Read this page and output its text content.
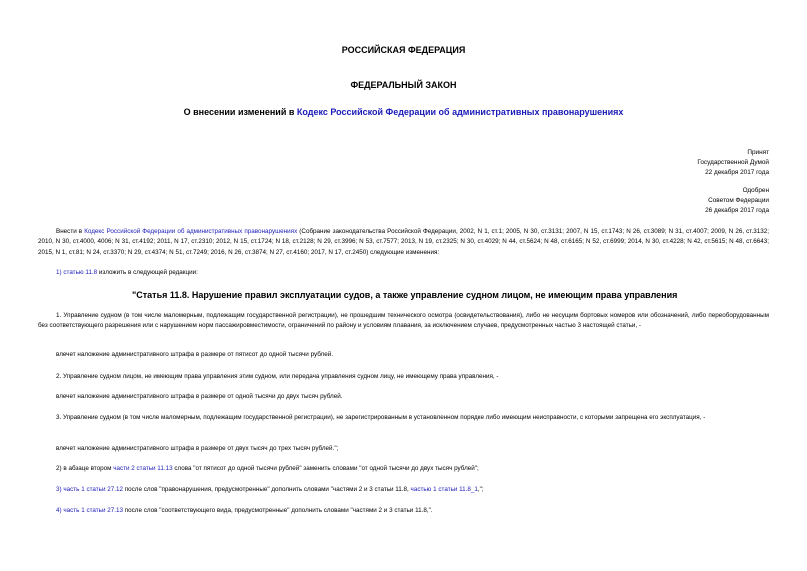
РОССИЙСКАЯ ФЕДЕРАЦИЯ
ФЕДЕРАЛЬНЫЙ ЗАКОН
О внесении изменений в Кодекс Российской Федерации об административных правонарушениях
Принят
Государственной Думой
22 декабря 2017 года
Одобрен
Советом Федерации
26 декабря 2017 года
Внести в Кодекс Российской Федерации об административных правонарушениях (Собрание законодательства Российской Федерации, 2002, N 1, ст.1; 2005, N 30, ст.3131; 2007, N 15, ст.1743; N 26, ст.3089; N 31, ст.4007; 2009, N 26, ст.3132; 2010, N 30, ст.4000, 4006; N 31, ст.4192; 2011, N 17, ст.2310; 2012, N 15, ст.1724; N 18, ст.2128; N 29, ст.3996; N 53, ст.7577; 2013, N 19, ст.2325; N 30, ст.4029; N 44, ст.5624; N 48, ст.6165; N 52, ст.6999; 2014, N 30, ст.4228; N 42, ст.5615; N 48, ст.6643; 2015, N 1, ст.81; N 24, ст.3370; N 29, ст.4374; N 51, ст.7249; 2016, N 26, ст.3874; N 27, ст.4160; 2017, N 17, ст.2450) следующие изменения:
1) статью 11.8 изложить в следующей редакции:
"Статья 11.8. Нарушение правил эксплуатации судов, а также управление судном лицом, не имеющим права управления
1. Управление судном (в том числе маломерным, подлежащим государственной регистрации), не прошедшим технического осмотра (освидетельствования), либо не несущим бортовых номеров или обозначений, либо переоборудованным без соответствующего разрешения или с нарушением норм пассажировместимости, ограничений по району и условиям плавания, за исключением случаев, предусмотренных частью 3 настоящей статьи, -
влечет наложение административного штрафа в размере от пятисот до одной тысячи рублей.
2. Управление судном лицом, не имеющим права управления этим судном, или передача управления судном лицу, не имеющему права управления, -
влечет наложение административного штрафа в размере от одной тысячи до двух тысяч рублей.
3. Управление судном (в том числе маломерным, подлежащим государственной регистрации), не зарегистрированным в установленном порядке либо имеющим неисправности, с которыми запрещена его эксплуатация, -
влечет наложение административного штрафа в размере от двух тысяч до трех тысяч рублей.";
2) в абзаце втором части 2 статьи 11.13 слова "от пятисот до одной тысячи рублей" заменить словами "от одной тысячи до двух тысяч рублей";
3) часть 1 статьи 27.12 после слов "правонарушения, предусмотренные" дополнить словами "частями 2 и 3 статьи 11.8, частью 1 статьи 11.8_1,";
4) часть 1 статьи 27.13 после слов "соответствующего вида, предусмотренные" дополнить словами "частями 2 и 3 статьи 11.8,".
